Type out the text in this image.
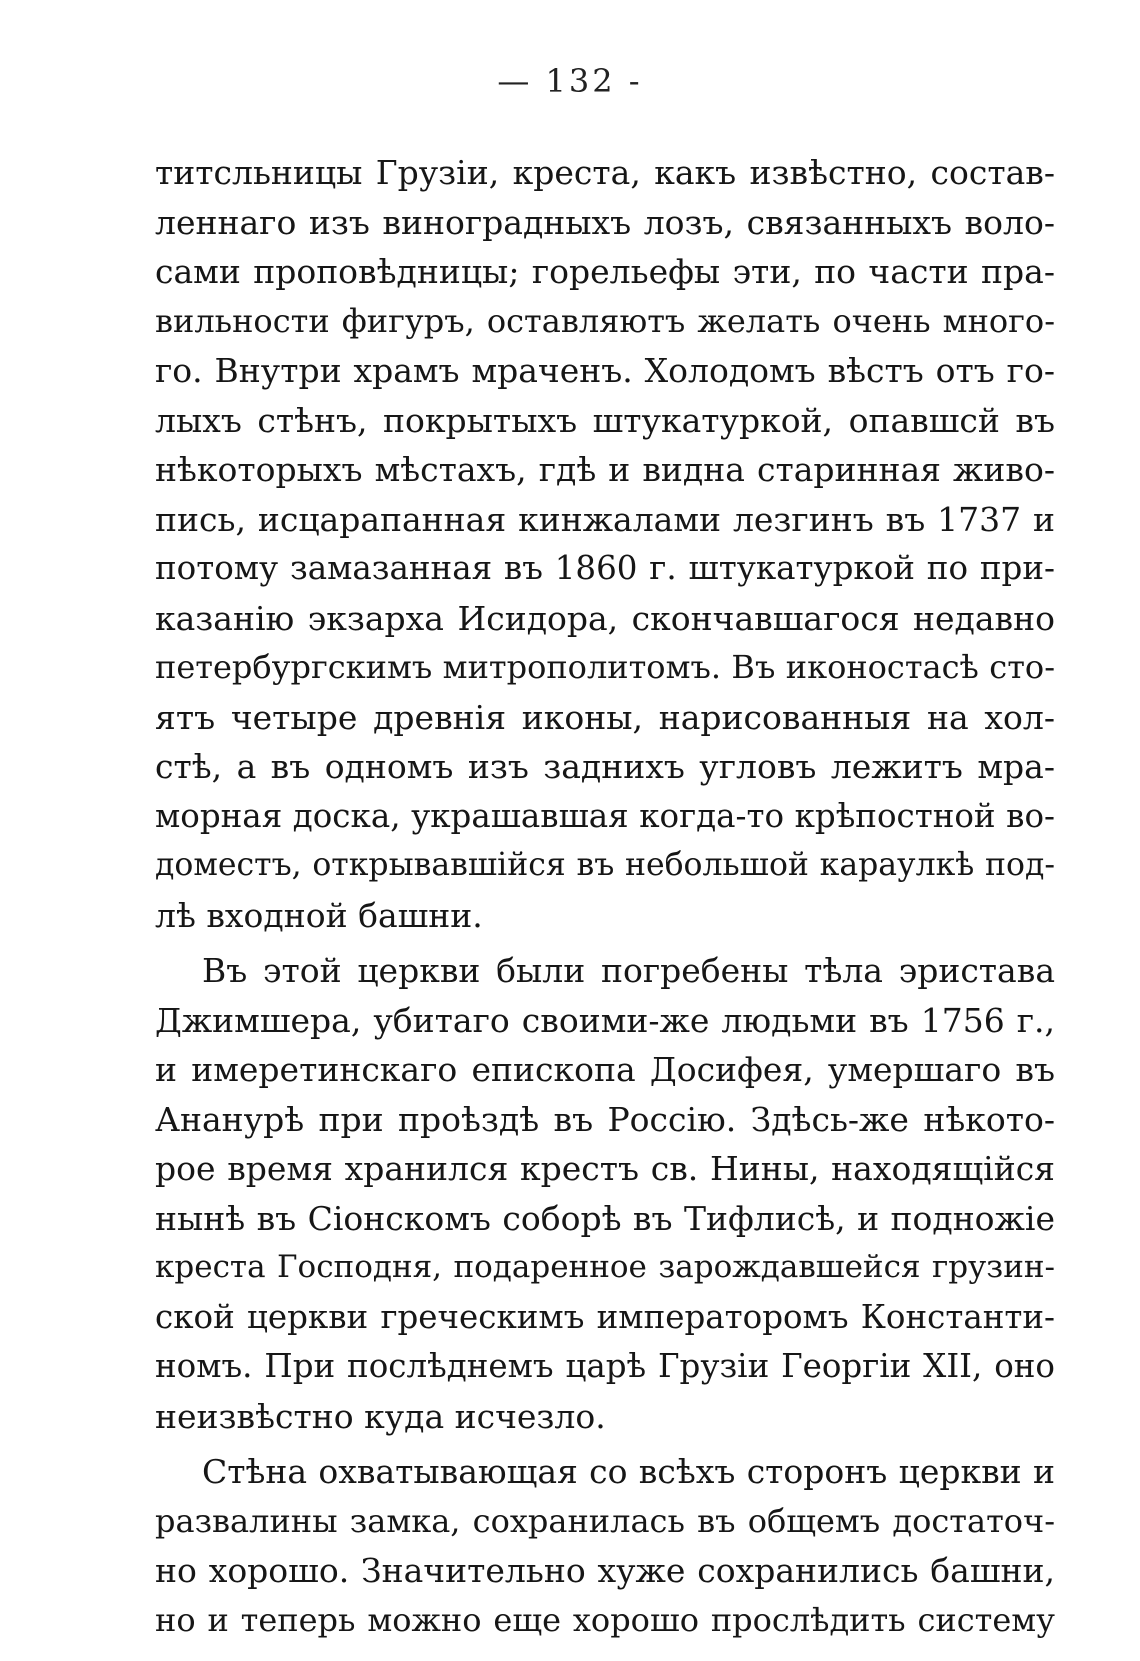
— 132 -
титсльницы Грузіи, креста, какъ извѣстно, состав-
леннаго изъ виноградныхъ лозъ, связанныхъ воло-
сами проповѣдницы; горельефы эти, по части пра-
вильности фигуръ, оставляютъ желать очень много-
го. Внутри храмъ мраченъ. Холодомъ вѣстъ отъ го-
лыхъ стѣнъ, покрытыхъ штукатуркой, опавшсй въ
нѣкоторыхъ мѣстахъ, гдѣ и видна старинная живо-
пись, исцарапанная кинжалами лезгинъ въ 1737 и
потому замазанная въ 1860 г. штукатуркой по при-
казанію экзарха Исидора, скончавшагося недавно
петербургскимъ митрополитомъ. Въ иконостасѣ сто-
ятъ четыре древнія иконы, нарисованныя на хол-
стѣ, а въ одномъ изъ заднихъ угловъ лежитъ мра-
морная доска, украшавшая когда-то крѣпостной во-
доместъ, открывавшійся въ небольшой караулкѣ под-
лѣ входной башни.
Въ этой церкви были погребены тѣла эристава
Джимшера, убитаго своими-же людьми въ 1756 г.,
и имеретинскаго епископа Досифея, умершаго въ
Ананурѣ при проѣздѣ въ Россію. Здѣсь-же нѣкото-
рое время хранился крестъ св. Нины, находящійся
нынѣ въ Сіонскомъ соборѣ въ Тифлисѣ, и подножіе
креста Господня, подаренное зарождавшейся грузин-
ской церкви греческимъ императоромъ Константи-
номъ. При послѣднемъ царѣ Грузіи Георгіи XII, оно
неизвѣстно куда исчезло.
Стѣна охватывающая со всѣхъ сторонъ церкви и
развалины замка, сохранилась въ общемъ достаточ-
но хорошо. Значительно хуже сохранились башни,
но и теперь можно еще хорошо прослѣдить систему
